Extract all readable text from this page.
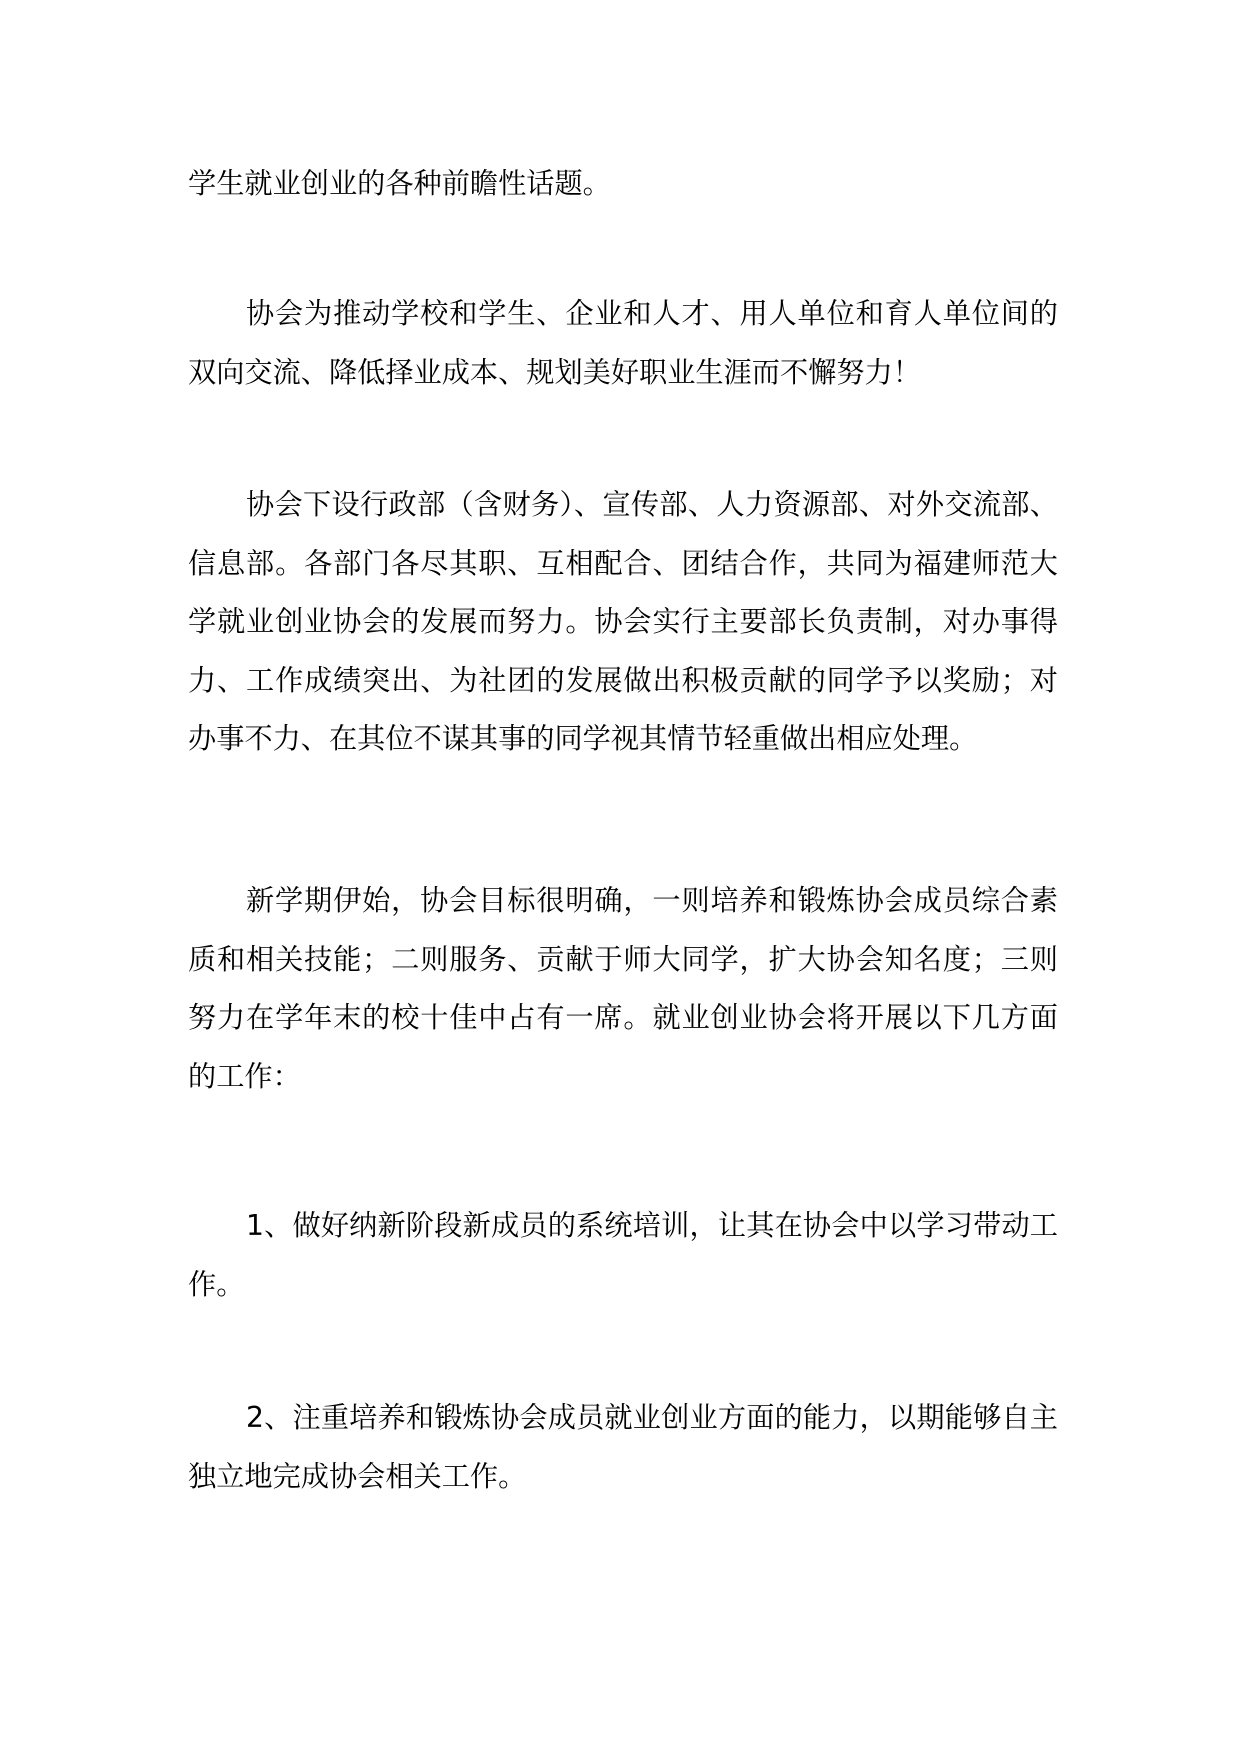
学生就业创业的各种前瞻性话题。

协会为推动学校和学生、企业和人才、用人单位和育人单位间的双向交流、降低择业成本、规划美好职业生涯而不懈努力！

协会下设行政部（含财务）、宣传部、人力资源部、对外交流部、信息部。各部门各尽其职、互相配合、团结合作，共同为福建师范大学就业创业协会的发展而努力。协会实行主要部长负责制，对办事得力、工作成绩突出、为社团的发展做出积极贡献的同学予以奖励；对办事不力、在其位不谋其事的同学视其情节轻重做出相应处理。

新学期伊始，协会目标很明确，一则培养和锻炼协会成员综合素质和相关技能；二则服务、贡献于师大同学，扩大协会知名度；三则努力在学年末的校十佳中占有一席。就业创业协会将开展以下几方面的工作：

1、做好纳新阶段新成员的系统培训，让其在协会中以学习带动工作。

2、注重培养和锻炼协会成员就业创业方面的能力，以期能够自主独立地完成协会相关工作。
